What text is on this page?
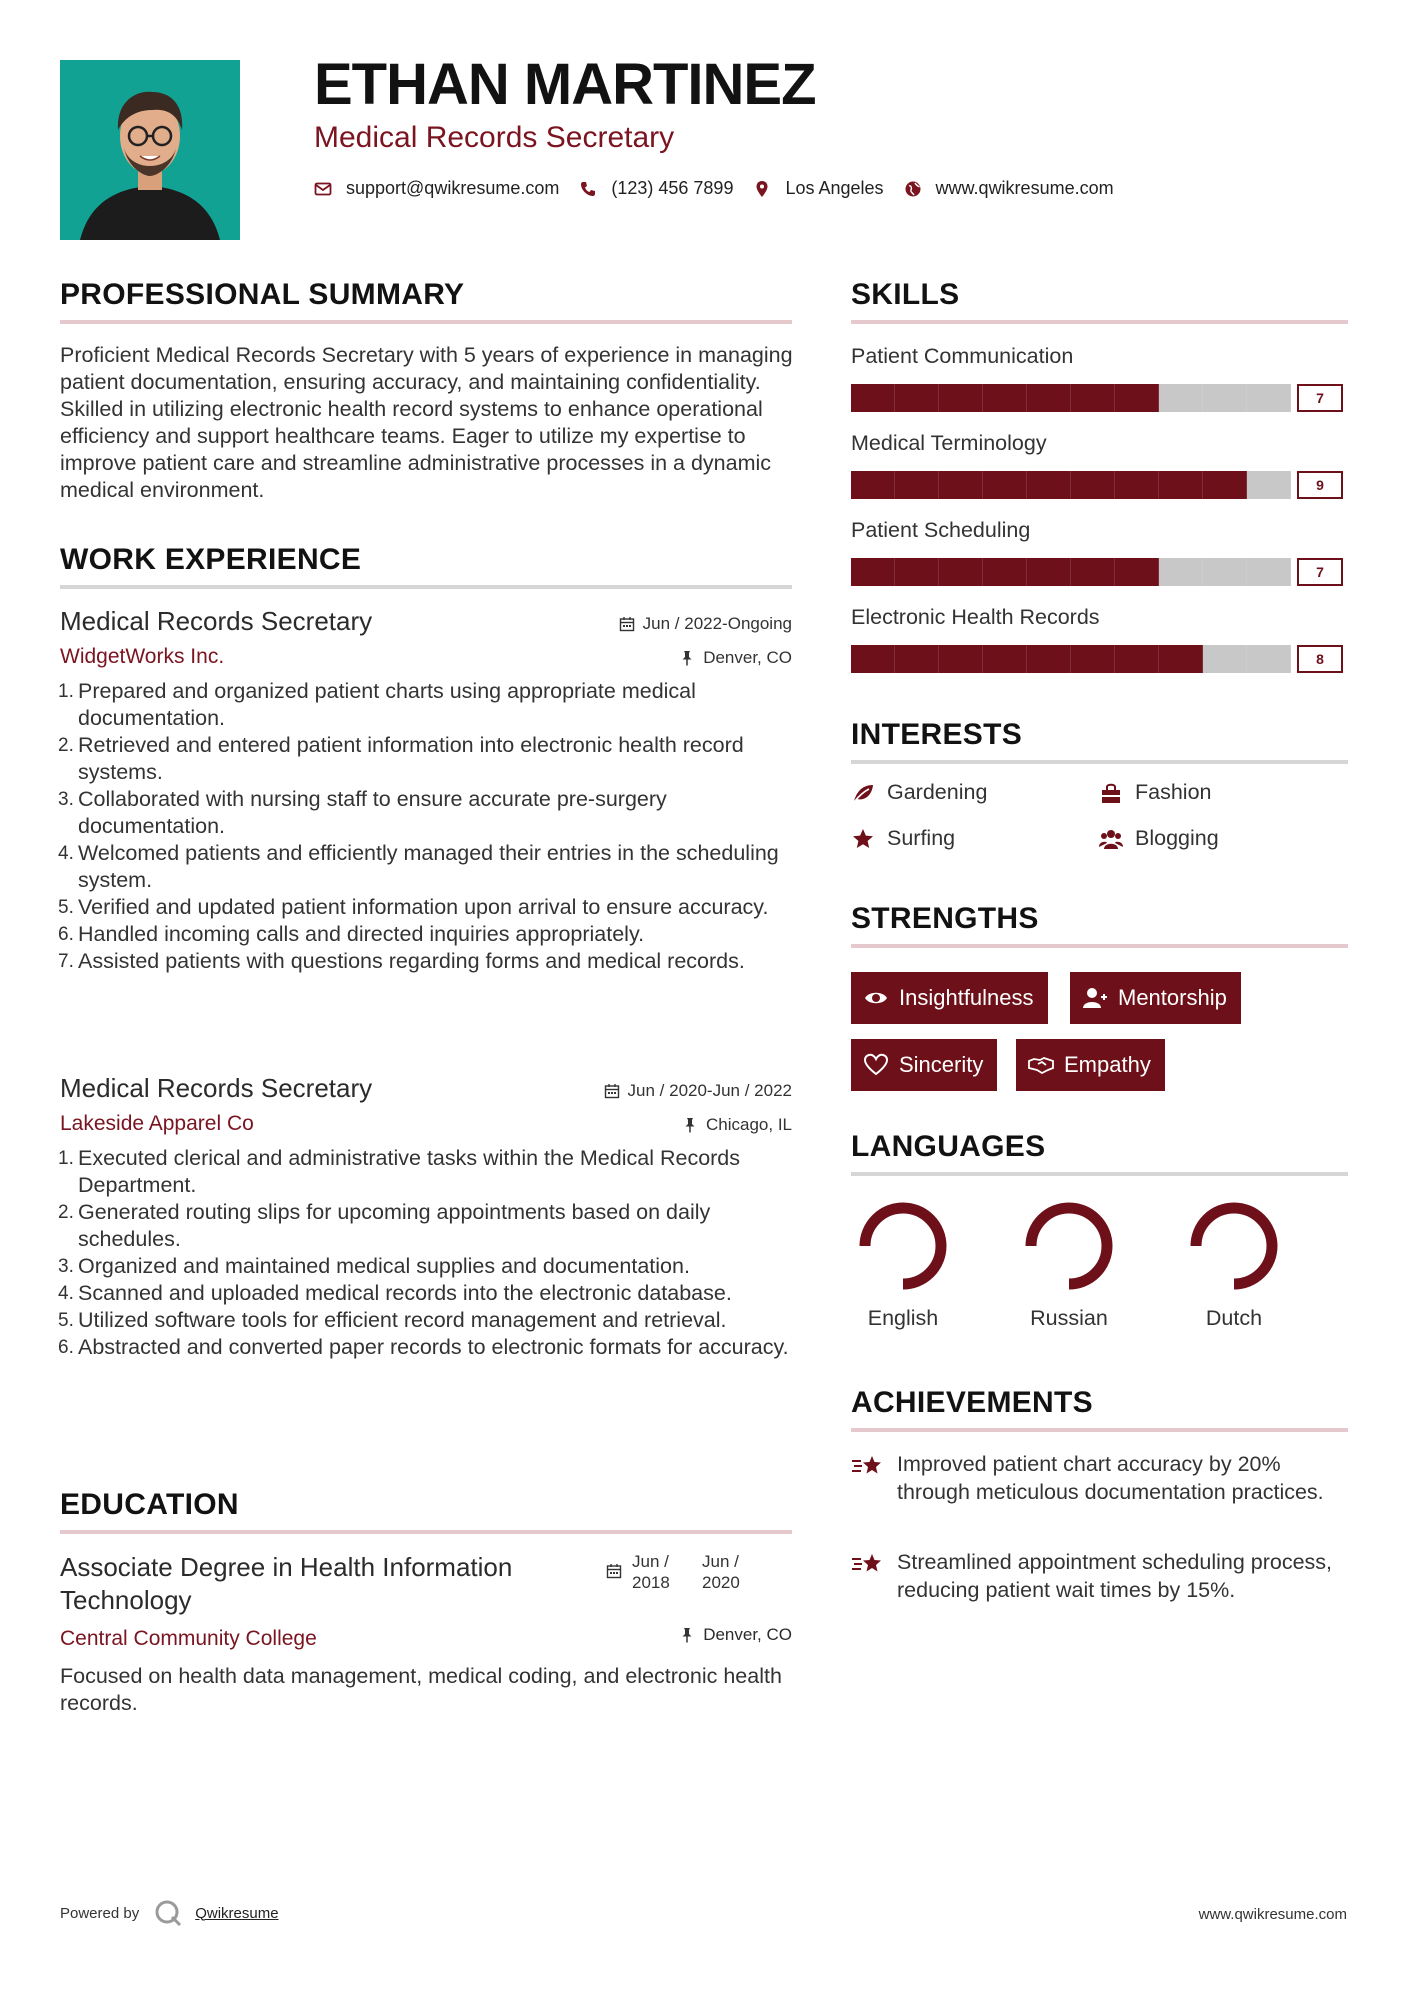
ETHAN MARTINEZ
Medical Records Secretary
support@qwikresume.com	(123) 456 7899	Los Angeles	www.qwikresume.com
PROFESSIONAL SUMMARY
Proficient Medical Records Secretary with 5 years of experience in managing patient documentation, ensuring accuracy, and maintaining confidentiality. Skilled in utilizing electronic health record systems to enhance operational efficiency and support healthcare teams. Eager to utilize my expertise to improve patient care and streamline administrative processes in a dynamic medical environment.
WORK EXPERIENCE
Medical Records Secretary
WidgetWorks Inc.
Jun / 2022-Ongoing
Denver, CO
Prepared and organized patient charts using appropriate medical documentation.
Retrieved and entered patient information into electronic health record systems.
Collaborated with nursing staff to ensure accurate pre-surgery documentation.
Welcomed patients and efficiently managed their entries in the scheduling system.
Verified and updated patient information upon arrival to ensure accuracy.
Handled incoming calls and directed inquiries appropriately.
Assisted patients with questions regarding forms and medical records.
Medical Records Secretary
Lakeside Apparel Co
Jun / 2020-Jun / 2022
Chicago, IL
Executed clerical and administrative tasks within the Medical Records Department.
Generated routing slips for upcoming appointments based on daily schedules.
Organized and maintained medical supplies and documentation.
Scanned and uploaded medical records into the electronic database.
Utilized software tools for efficient record management and retrieval.
Abstracted and converted paper records to electronic formats for accuracy.
EDUCATION
Associate Degree in Health Information Technology
Central Community College
Focused on health data management, medical coding, and electronic health records.
Jun /
2018
Jun /
2020
Denver, CO
SKILLS
Patient Communication
7
Medical Terminology
9
Patient Scheduling
7
Electronic Health Records
8
INTERESTS
Gardening	Fashion
Surfing	Blogging
STRENGTHS
Insightfulness	Mentorship
Sincerity	Empathy
LANGUAGES
English	Russian	Dutch
ACHIEVEMENTS
Improved patient chart accuracy by 20% through meticulous documentation practices.
Streamlined appointment scheduling process, reducing patient wait times by 15%.
Powered by	Qwikresume	www.qwikresume.com
